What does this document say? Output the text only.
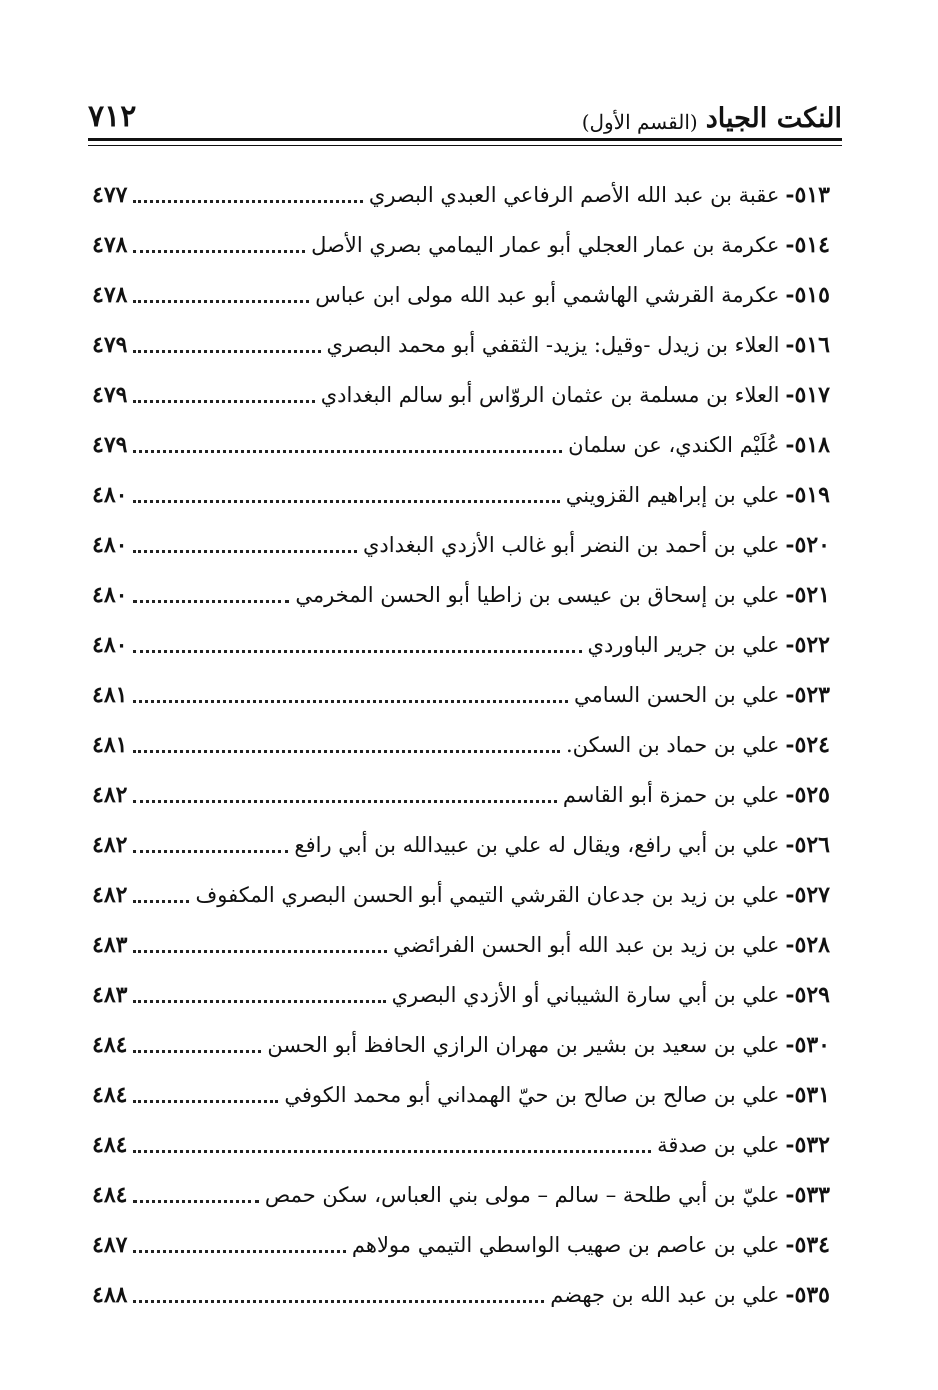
النكت الجياد
(القسم الأول)
٧١٢
٥١٣
-
عقبة بن عبد الله الأصم الرفاعي العبدي البصري
٤٧٧
٥١٤
-
عكرمة بن عمار العجلي أبو عمار اليمامي بصري الأصل
٤٧٨
٥١٥
-
عكرمة القرشي الهاشمي أبو عبد الله مولى ابن عباس
٤٧٨
٥١٦
-
العلاء بن زيدل -وقيل: يزيد- الثقفي أبو محمد البصري
٤٧٩
٥١٧
-
العلاء بن مسلمة بن عثمان الروّاس أبو سالم البغدادي
٤٧٩
٥١٨
-
عُلَيْم الكندي، عن سلمان
٤٧٩
٥١٩
-
علي بن إبراهيم القزويني
٤٨٠
٥٢٠
-
علي بن أحمد بن النضر أبو غالب الأزدي البغدادي
٤٨٠
٥٢١
-
علي بن إسحاق بن عيسى بن زاطيا أبو الحسن المخرمي
٤٨٠
٥٢٢
-
علي بن جرير الباوردي
٤٨٠
٥٢٣
-
علي بن الحسن السامي
٤٨١
٥٢٤
-
علي بن حماد بن السكن.
٤٨١
٥٢٥
-
علي بن حمزة أبو القاسم
٤٨٢
٥٢٦
-
علي بن أبي رافع، ويقال له علي بن عبيدالله بن أبي رافع
٤٨٢
٥٢٧
-
علي بن زيد بن جدعان القرشي التيمي أبو الحسن البصري المكفوف
٤٨٢
٥٢٨
-
علي بن زيد بن عبد الله أبو الحسن الفرائضي
٤٨٣
٥٢٩
-
علي بن أبي سارة الشيباني أو الأزدي البصري
٤٨٣
٥٣٠
-
علي بن سعيد بن بشير بن مهران الرازي الحافظ أبو الحسن
٤٨٤
٥٣١
-
علي بن صالح بن صالح بن حيّ الهمداني أبو محمد الكوفي
٤٨٤
٥٣٢
-
علي بن صدقة
٤٨٤
٥٣٣
-
عليّ بن أبي طلحة – سالم – مولى بني العباس، سكن حمص
٤٨٤
٥٣٤
-
علي بن عاصم بن صهيب الواسطي التيمي مولاهم
٤٨٧
٥٣٥
-
علي بن عبد الله بن جهضم
٤٨٨
